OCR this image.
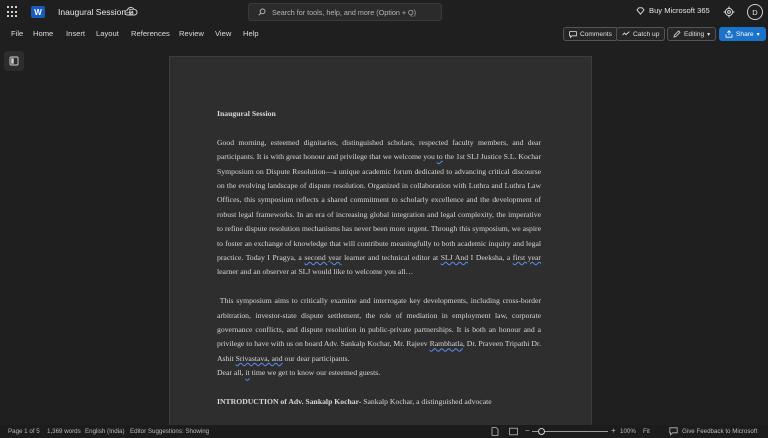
W	Inaugural Session-5	Search for tools, help, and more (Option + Q)	Buy Microsoft 365	D
File Home Insert Layout References Review View Help	Comments	Catch up	Editing ▾	Share ▾

Inaugural Session

Good morning, esteemed dignitaries, distinguished scholars, respected faculty members, and dear participants. It is with great honour and privilege that we welcome you to the 1st SLJ Justice S.L. Kochar Symposium on Dispute Resolution—a unique academic forum dedicated to advancing critical discourse on the evolving landscape of dispute resolution. Organized in collaboration with Luthra and Luthra Law Offices, this symposium reflects a shared commitment to scholarly excellence and the development of robust legal frameworks. In an era of increasing global integration and legal complexity, the imperative to refine dispute resolution mechanisms has never been more urgent. Through this symposium, we aspire to foster an exchange of knowledge that will contribute meaningfully to both academic inquiry and legal practice. Today I Pragya, a second year learner and technical editor at SLJ And I Deeksha, a first year learner and an observer at SLJ would like to welcome you all…

This symposium aims to critically examine and interrogate key developments, including cross-border arbitration, investor-state dispute settlement, the role of mediation in employment law, corporate governance conflicts, and dispute resolution in public-private partnerships. It is both an honour and a privilege to have with us on board Adv. Sankalp Kochar, Mr. Rajeev Rambhatla, Dr. Praveen Tripathi Dr. Ashit Srivastava, and our dear participants.

Dear all, it time we get to know our esteemed guests.

INTRODUCTION of Adv. Sankalp Kochar- Sankalp Kochar, a distinguished advocate

Page 1 of 5 1,369 words English (India) Editor Suggestions: Showing	−	+ 100% Fit	Give Feedback to Microsoft
